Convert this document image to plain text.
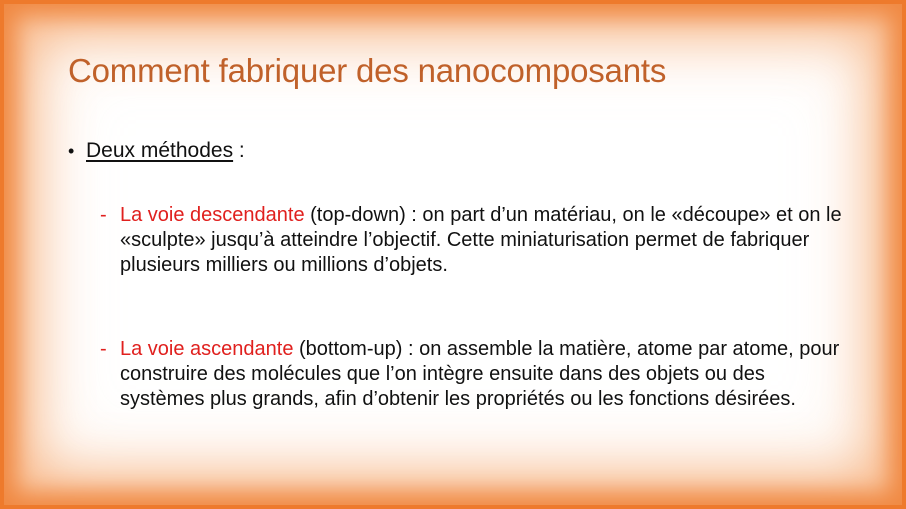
Comment fabriquer des nanocomposants
• Deux méthodes :

- La voie descendante (top-down) : on part d’un matériau, on le «découpe» et on le «sculpte» jusqu’à atteindre l’objectif. Cette miniaturisation permet de fabriquer plusieurs milliers ou millions d’objets.

- La voie ascendante (bottom-up) : on assemble la matière, atome par atome, pour construire des molécules que l’on intègre ensuite dans des objets ou des systèmes plus grands, afin d’obtenir les propriétés ou les fonctions désirées.
